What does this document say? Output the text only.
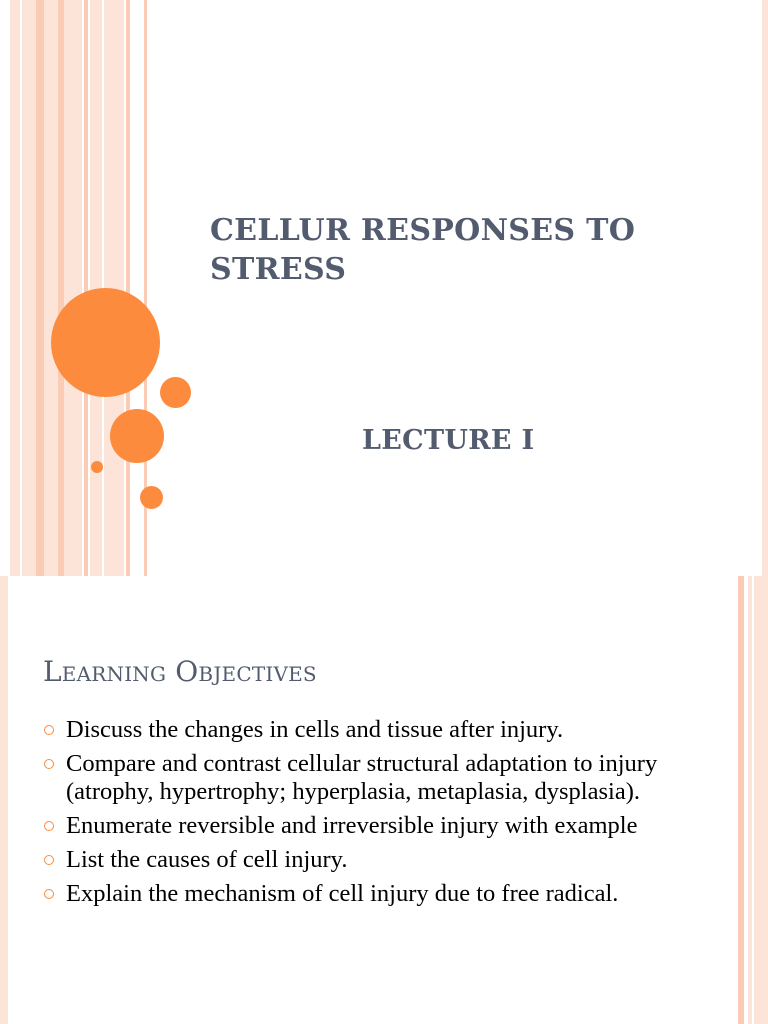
CELLUR RESPONSES TO STRESS
LECTURE I
Learning Objectives
Discuss the changes in cells and tissue after injury.
Compare and contrast cellular structural adaptation to injury (atrophy, hypertrophy; hyperplasia, metaplasia, dysplasia).
Enumerate reversible and irreversible injury with example
List the causes of cell injury.
Explain the mechanism of cell injury due to free radical.
